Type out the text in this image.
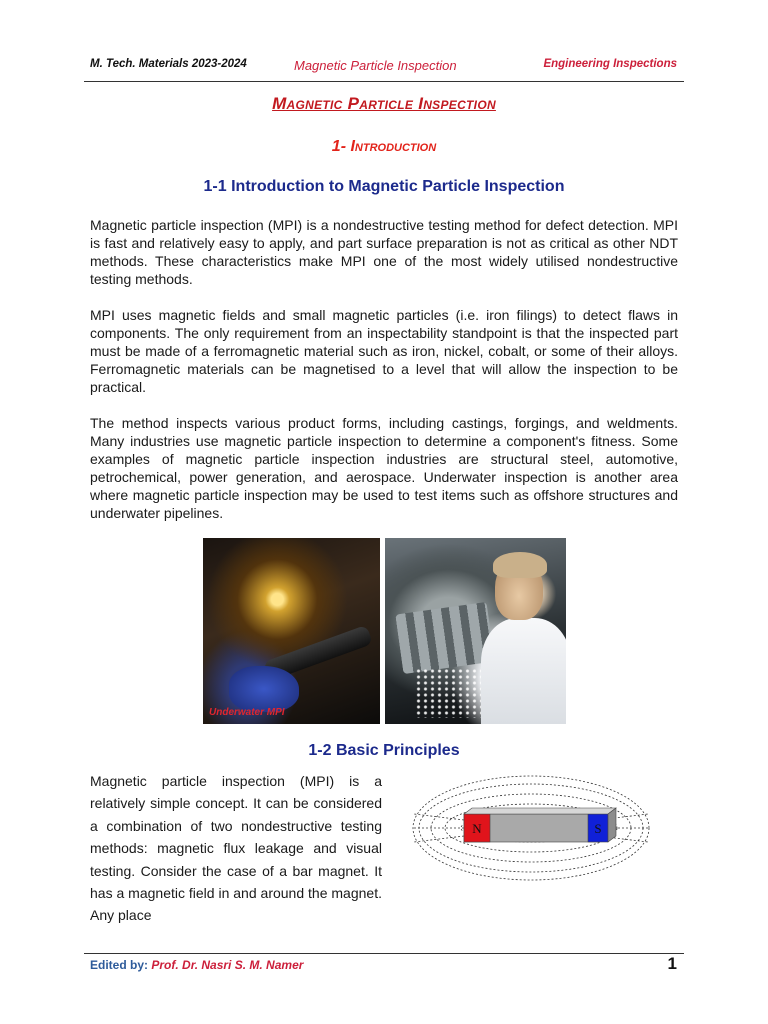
M. Tech. Materials 2023-2024	Magnetic Particle Inspection	Engineering Inspections
Magnetic Particle Inspection
1- Introduction
1-1 Introduction to Magnetic Particle Inspection

Magnetic particle inspection (MPI) is a nondestructive testing method for defect detection. MPI is fast and relatively easy to apply, and part surface preparation is not as critical as other NDT methods. These characteristics make MPI one of the most widely utilised nondestructive testing methods.

MPI uses magnetic fields and small magnetic particles (i.e. iron filings) to detect flaws in components. The only requirement from an inspectability standpoint is that the inspected part must be made of a ferromagnetic material such as iron, nickel, cobalt, or some of their alloys. Ferromagnetic materials can be magnetised to a level that will allow the inspection to be practical.

The method inspects various product forms, including castings, forgings, and weldments. Many industries use magnetic particle inspection to determine a component's fitness. Some examples of magnetic particle inspection industries are structural steel, automotive, petrochemical, power generation, and aerospace. Underwater inspection is another area where magnetic particle inspection may be used to test items such as offshore structures and underwater pipelines.

Underwater MPI
1-2 Basic Principles

Magnetic particle inspection (MPI) is a relatively simple concept. It can be considered a combination of two nondestructive testing methods: magnetic flux leakage and visual testing. Consider the case of a bar magnet. It has a magnetic field in and around the magnet. Any place

N	S
Edited by: Prof. Dr. Nasri S. M. Namer	1
